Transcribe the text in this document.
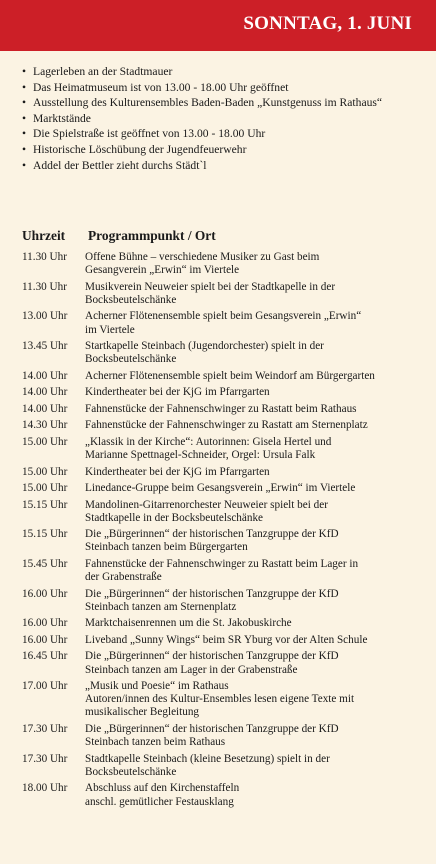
SONNTAG, 1. JUNI
• Lagerleben an der Stadtmauer
• Das Heimatmuseum ist von 13.00 - 18.00 Uhr geöffnet
• Ausstellung des Kulturensembles Baden-Baden „Kunstgenuss im Rathaus“
• Marktstände
• Die Spielstraße ist geöffnet von 13.00 - 18.00 Uhr
• Historische Löschübung der Jugendfeuerwehr
• Addel der Bettler zieht durchs Städt`l
Uhrzeit Programmpunkt / Ort
11.30 Uhr	Offene Bühne – verschiedene Musiker zu Gast beim
Gesangverein „Erwin“ im Viertele
11.30 Uhr	Musikverein Neuweier spielt bei der Stadtkapelle in der
Bocksbeutelschänke
13.00 Uhr	Acherner Flötenensemble spielt beim Gesangsverein „Erwin“
im Viertele
13.45 Uhr	Startkapelle Steinbach (Jugendorchester) spielt in der
Bocksbeutelschänke
14.00 Uhr	Acherner Flötenensemble spielt beim Weindorf am Bürgergarten
14.00 Uhr	Kindertheater bei der KjG im Pfarrgarten
14.00 Uhr	Fahnenstücke der Fahnenschwinger zu Rastatt beim Rathaus
14.30 Uhr	Fahnenstücke der Fahnenschwinger zu Rastatt am Sternenplatz
15.00 Uhr	„Klassik in der Kirche“: Autorinnen: Gisela Hertel und
Marianne Spettnagel-Schneider, Orgel: Ursula Falk
15.00 Uhr	Kindertheater bei der KjG im Pfarrgarten
15.00 Uhr	Linedance-Gruppe beim Gesangsverein „Erwin“ im Viertele
15.15 Uhr	Mandolinen-Gitarrenorchester Neuweier spielt bei der
Stadtkapelle in der Bocksbeutelschänke
15.15 Uhr	Die „Bürgerinnen“ der historischen Tanzgruppe der KfD
Steinbach tanzen beim Bürgergarten
15.45 Uhr	Fahnenstücke der Fahnenschwinger zu Rastatt beim Lager in
der Grabenstraße
16.00 Uhr	Die „Bürgerinnen“ der historischen Tanzgruppe der KfD
Steinbach tanzen am Sternenplatz
16.00 Uhr	Marktchaisenrennen um die St. Jakobuskirche
16.00 Uhr	Liveband „Sunny Wings“ beim SR Yburg vor der Alten Schule
16.45 Uhr	Die „Bürgerinnen“ der historischen Tanzgruppe der KfD
Steinbach tanzen am Lager in der Grabenstraße
17.00 Uhr	„Musik und Poesie“ im Rathaus
Autoren/innen des Kultur-Ensembles lesen eigene Texte mit
musikalischer Begleitung
17.30 Uhr	Die „Bürgerinnen“ der historischen Tanzgruppe der KfD
Steinbach tanzen beim Rathaus
17.30 Uhr	Stadtkapelle Steinbach (kleine Besetzung) spielt in der
Bocksbeutelschänke
18.00 Uhr	Abschluss auf den Kirchenstaffeln
anschl. gemütlicher Festausklang
